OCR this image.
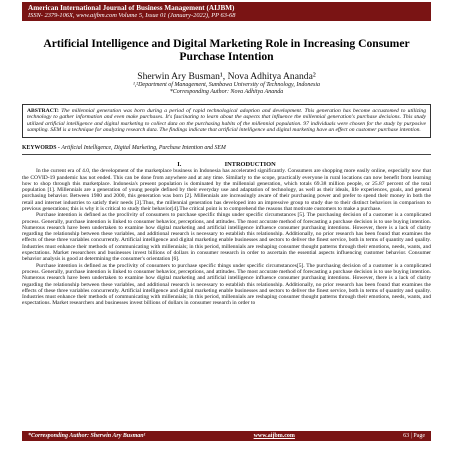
American International Journal of Business Management (AIJBM)
ISSN- 2379-106X, www.aijbm.com Volume 5, Issue 01 (January-2022), PP 63-68
Artificial Intelligence and Digital Marketing Role in Increasing Consumer Purchase Intention
Sherwin Ary Busman¹, Nova Adhitya Ananda²
¹,²Department of Management, Sumbawa University of Technology, Indonesia
*Corresponding Author: Nova Adhitya Ananda
ABSTRACT: The millennial generation was born during a period of rapid technological adoption and development. This generation has become accustomed to utilizing technology to gather information and even make purchases. It's fascinating to learn about the aspects that influence the millennial generation's purchase decisions. This study utilized artificial intelligence and digital marketing to collect data on the purchasing habits of the millennial population. 97 individuals were chosen for the study by purposive sampling. SEM is a technique for analyzing research data. The findings indicate that artificial intelligence and digital marketing have an effect on customer purchase intention.
KEYWORDS - Artificial Intelligence, Digital Marketing, Purchase Intention and SEM
I.	INTRODUCTION

In the current era of 4.0, the development of the marketplace business in Indonesia has accelerated significantly. Consumers are shopping more easily online, especially now that the COVID-19 pandemic has not ended. This can be done from anywhere and at any time. Similarly to the scope, practically everyone in rural locations can now benefit from learning how to shop through this marketplace. Indonesia's present population is dominated by the millennial generation, which totals 69.38 million people, or 25.87 percent of the total population [1]. Millennials are a generation of young people defined by their everyday use and adaptation of technology, as well as their ideals, life experiences, goals, and general purchasing behavior. Between 1980 and 2000, this generation was born [2]. Millennials are increasingly aware of their purchasing power and prefer to spend their money in both the retail and internet industries to satisfy their needs [3].Thus, the millennial generation has developed into an impressive group to study due to their distinct behaviors in comparison to previous generations; this is why it is critical to study their behavior[4].The critical point is to comprehend the reasons that motivate customers to make a purchase.

Purchase intention is defined as the proclivity of consumers to purchase specific things under specific circumstances [5]. The purchasing decision of a customer is a complicated process. Generally, purchase intention is linked to consumer behavior, perceptions, and attitudes. The most accurate method of forecasting a purchase decision is to use buying intention. Numerous research have been undertaken to examine how digital marketing and artificial intelligence influence consumer purchasing intentions. However, there is a lack of clarity regarding the relationship between these variables, and additional research is necessary to establish this relationship. Additionally, no prior research has been found that examines the effects of these three variables concurrently. Artificial intelligence and digital marketing enable businesses and sectors to deliver the finest service, both in terms of quantity and quality. Industries must enhance their methods of communicating with millennials; in this period, millennials are reshaping consumer thought patterns through their emotions, needs, wants, and expectations. Market researchers and businesses invest billions of dollars in consumer research in order to ascertain the essential aspects influencing customer behavior. Consumer behavior analysis is good at determining the consumer's orientation [6].

Purchase intention is defined as the proclivity of consumers to purchase specific things under specific circumstances[5]. The purchasing decision of a customer is a complicated process. Generally, purchase intention is linked to consumer behavior, perceptions, and attitudes. The most accurate method of forecasting a purchase decision is to use buying intention. Numerous research have been undertaken to examine how digital marketing and artificial intelligence influence consumer purchasing intentions. However, there is a lack of clarity regarding the relationship between these variables, and additional research is necessary to establish this relationship. Additionally, no prior research has been found that examines the effects of these three variables concurrently. Artificial intelligence and digital marketing enable businesses and sectors to deliver the finest service, both in terms of quantity and quality. Industries must enhance their methods of communicating with millennials; in this period, millennials are reshaping consumer thought patterns through their emotions, needs, wants, and expectations. Market researchers and businesses invest billions of dollars in consumer research in order to

*Corresponding Author: Sherwin Ary Busman¹	www.aijbm.com	63 | Page
